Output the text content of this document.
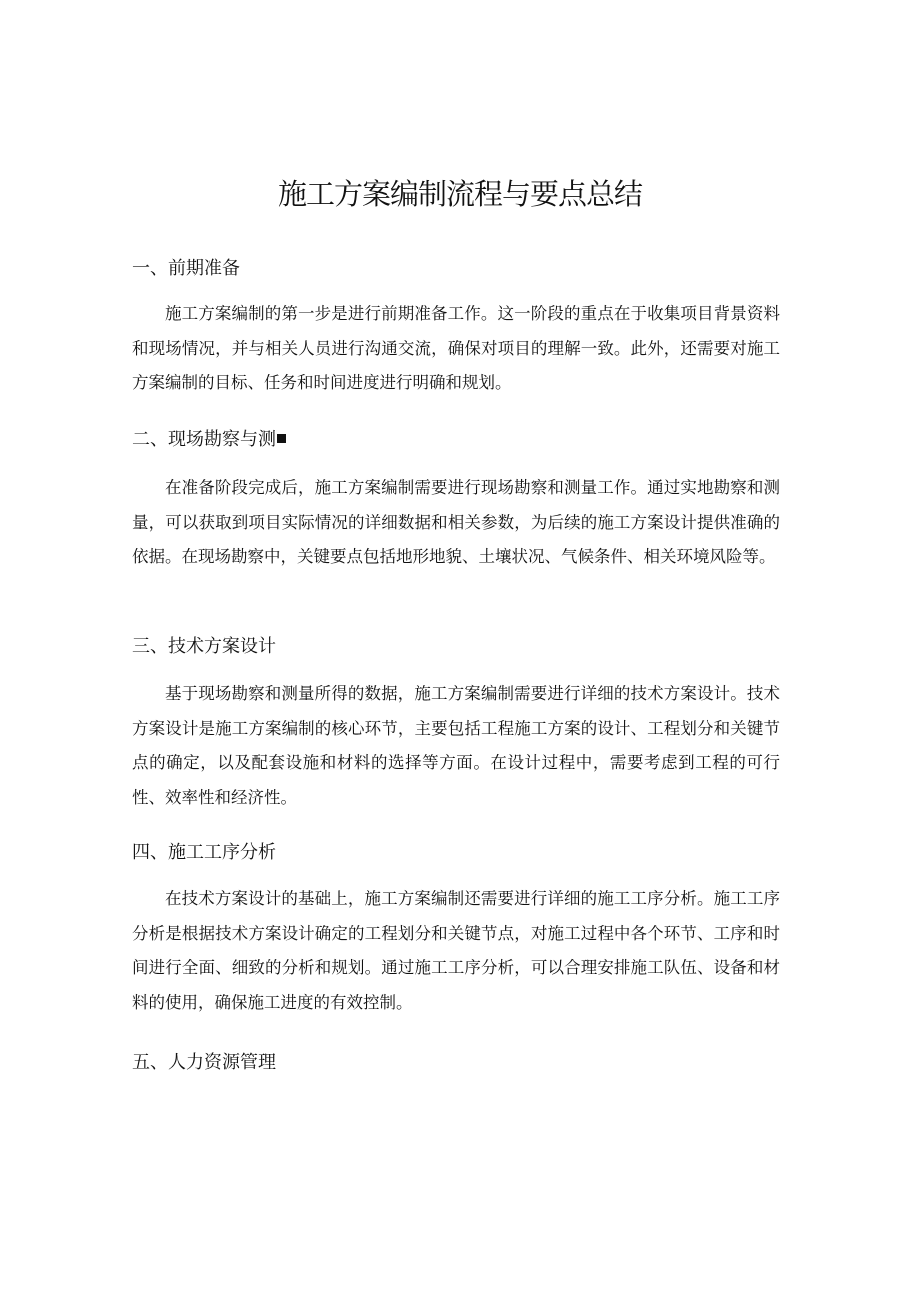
施工方案编制流程与要点总结
一、前期准备

施工方案编制的第一步是进行前期准备工作。这一阶段的重点在于收集项目背景资料和现场情况，并与相关人员进行沟通交流，确保对项目的理解一致。此外，还需要对施工方案编制的目标、任务和时间进度进行明确和规划。

二、现场勘察与测

在准备阶段完成后，施工方案编制需要进行现场勘察和测量工作。通过实地勘察和测量，可以获取到项目实际情况的详细数据和相关参数，为后续的施工方案设计提供准确的依据。在现场勘察中，关键要点包括地形地貌、土壤状况、气候条件、相关环境风险等。

三、技术方案设计

基于现场勘察和测量所得的数据，施工方案编制需要进行详细的技术方案设计。技术方案设计是施工方案编制的核心环节，主要包括工程施工方案的设计、工程划分和关键节点的确定，以及配套设施和材料的选择等方面。在设计过程中，需要考虑到工程的可行性、效率性和经济性。

四、施工工序分析

在技术方案设计的基础上，施工方案编制还需要进行详细的施工工序分析。施工工序分析是根据技术方案设计确定的工程划分和关键节点，对施工过程中各个环节、工序和时间进行全面、细致的分析和规划。通过施工工序分析，可以合理安排施工队伍、设备和材料的使用，确保施工进度的有效控制。

五、人力资源管理
